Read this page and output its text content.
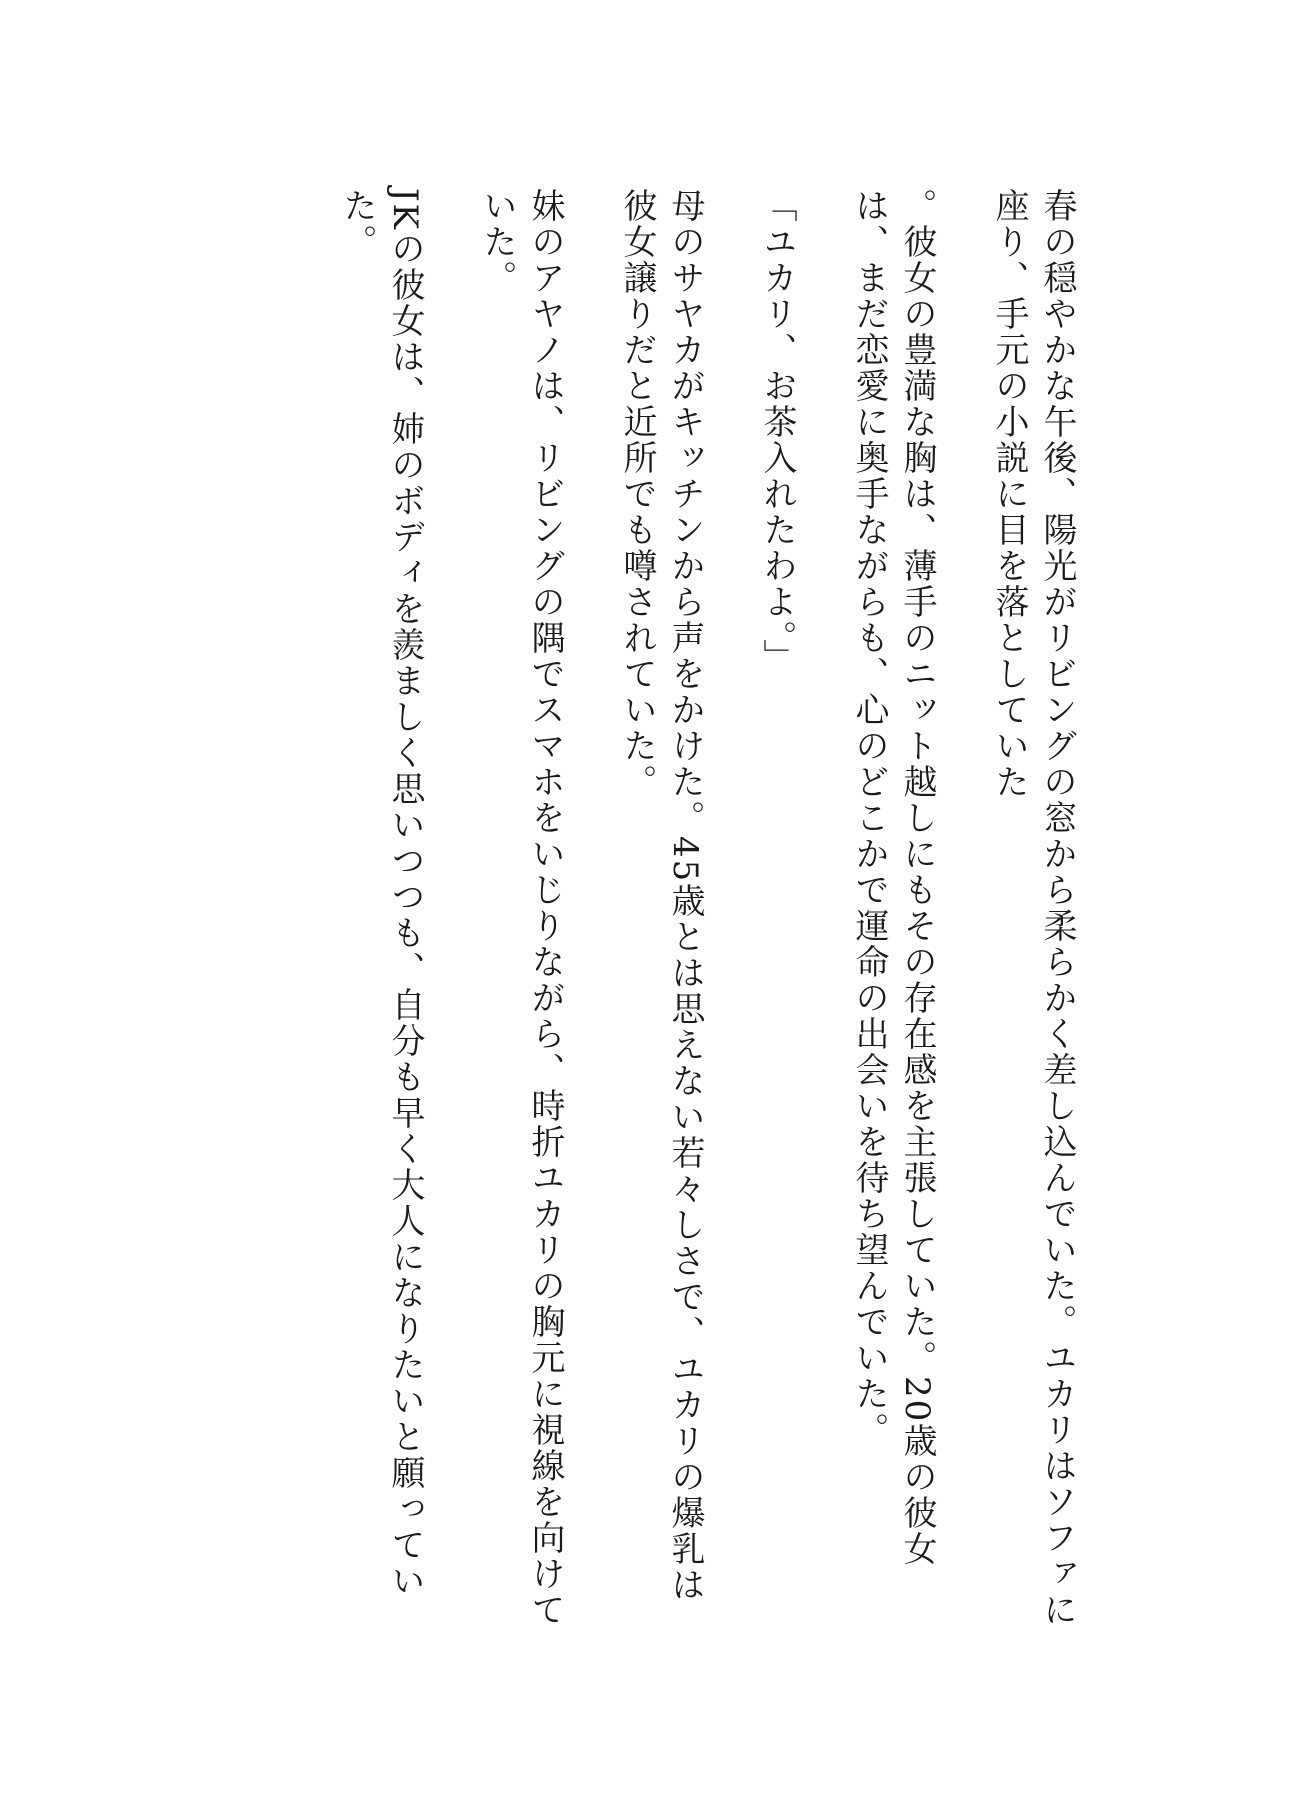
春の穏やかな午後、陽光がリビングの窓から柔らかく差し込んでいた。ユカリはソファに座り、手元の小説に目を落としていた
。彼女の豊満な胸は、薄手のニット越しにもその存在感を主張していた。20歳の彼女は、まだ恋愛に奥手ながらも、心のどこかで運命の出会いを待ち望んでいた。
「ユカリ、お茶入れたわよ。」
母のサヤカがキッチンから声をかけた。45歳とは思えない若々しさで、ユカリの爆乳は彼女譲りだと近所でも噂されていた。
妹のアヤノは、リビングの隅でスマホをいじりながら、時折ユカリの胸元に視線を向けていた。
JKの彼女は、姉のボディを羨ましく思いつつも、自分も早く大人になりたいと願っていた。
